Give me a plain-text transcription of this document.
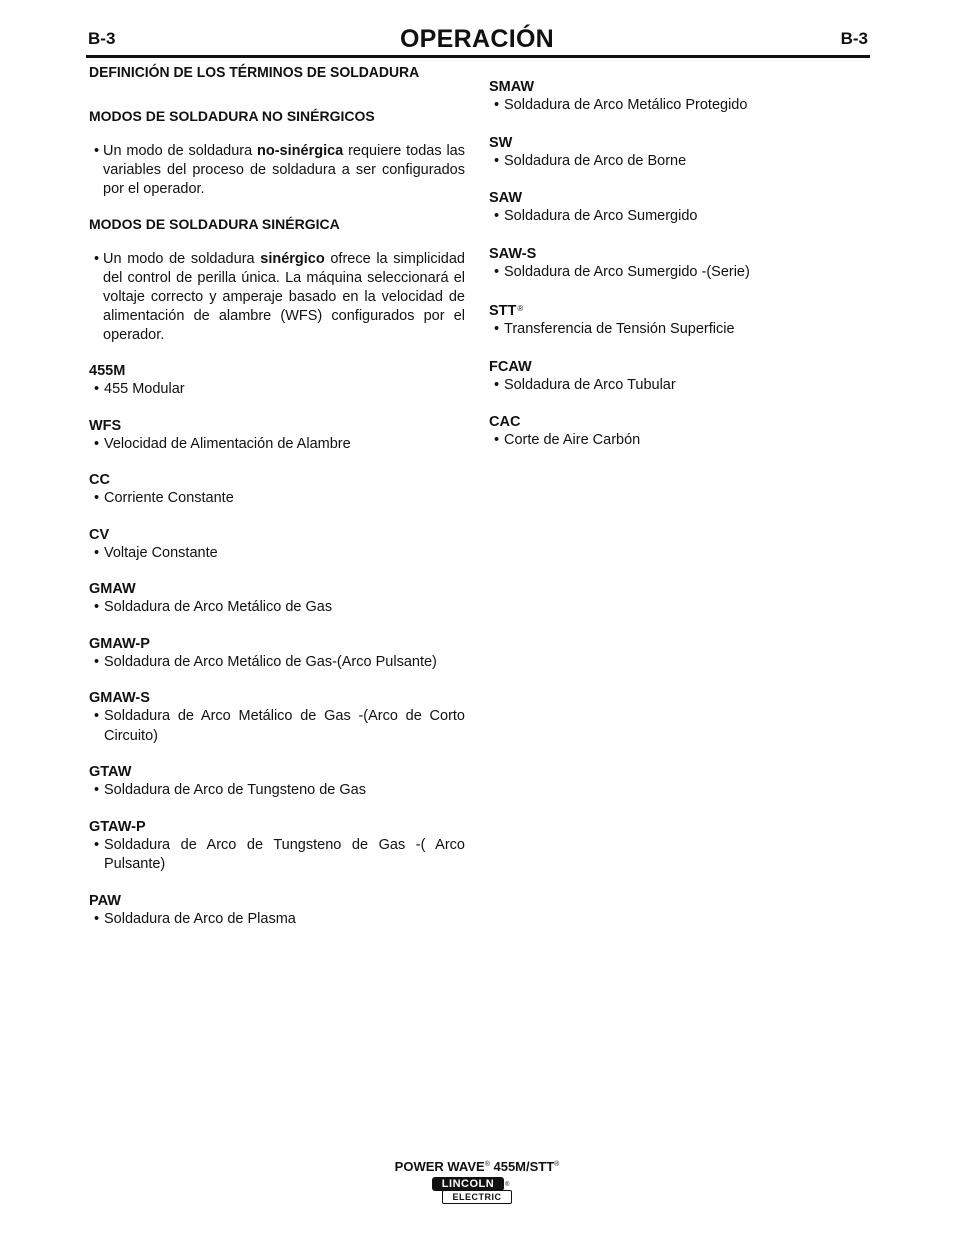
B-3	OPERACIÓN	B-3
DEFINICIÓN DE LOS TÉRMINOS DE SOLDADURA
MODOS DE SOLDADURA NO SINÉRGICOS
• Un modo de soldadura no-sinérgica requiere todas las variables del proceso de soldadura a ser configurados por el operador.
MODOS DE SOLDADURA SINÉRGICA
• Un modo de soldadura sinérgico ofrece la simplicidad del control de perilla única. La máquina seleccionará el voltaje correcto y amperaje basado en la velocidad de alimentación de alambre (WFS) configurados por el operador.
455M
• 455 Modular
WFS
• Velocidad de Alimentación de Alambre
CC
• Corriente Constante
CV
• Voltaje Constante
GMAW
• Soldadura de Arco Metálico de Gas
GMAW-P
• Soldadura de Arco Metálico de Gas-(Arco Pulsante)
GMAW-S
• Soldadura de Arco Metálico de Gas -(Arco de Corto Circuito)
GTAW
• Soldadura de Arco de Tungsteno de Gas
GTAW-P
• Soldadura de Arco de Tungsteno de Gas -( Arco Pulsante)
PAW
• Soldadura de Arco de Plasma
SMAW
• Soldadura de Arco Metálico Protegido
SW
• Soldadura de Arco de Borne
SAW
• Soldadura de Arco Sumergido
SAW-S
• Soldadura de Arco Sumergido -(Serie)
STT®
• Transferencia de Tensión Superficie
FCAW
• Soldadura de Arco Tubular
CAC
• Corte de Aire Carbón
POWER WAVE® 455M/STT®
LINCOLN
ELECTRIC
®
